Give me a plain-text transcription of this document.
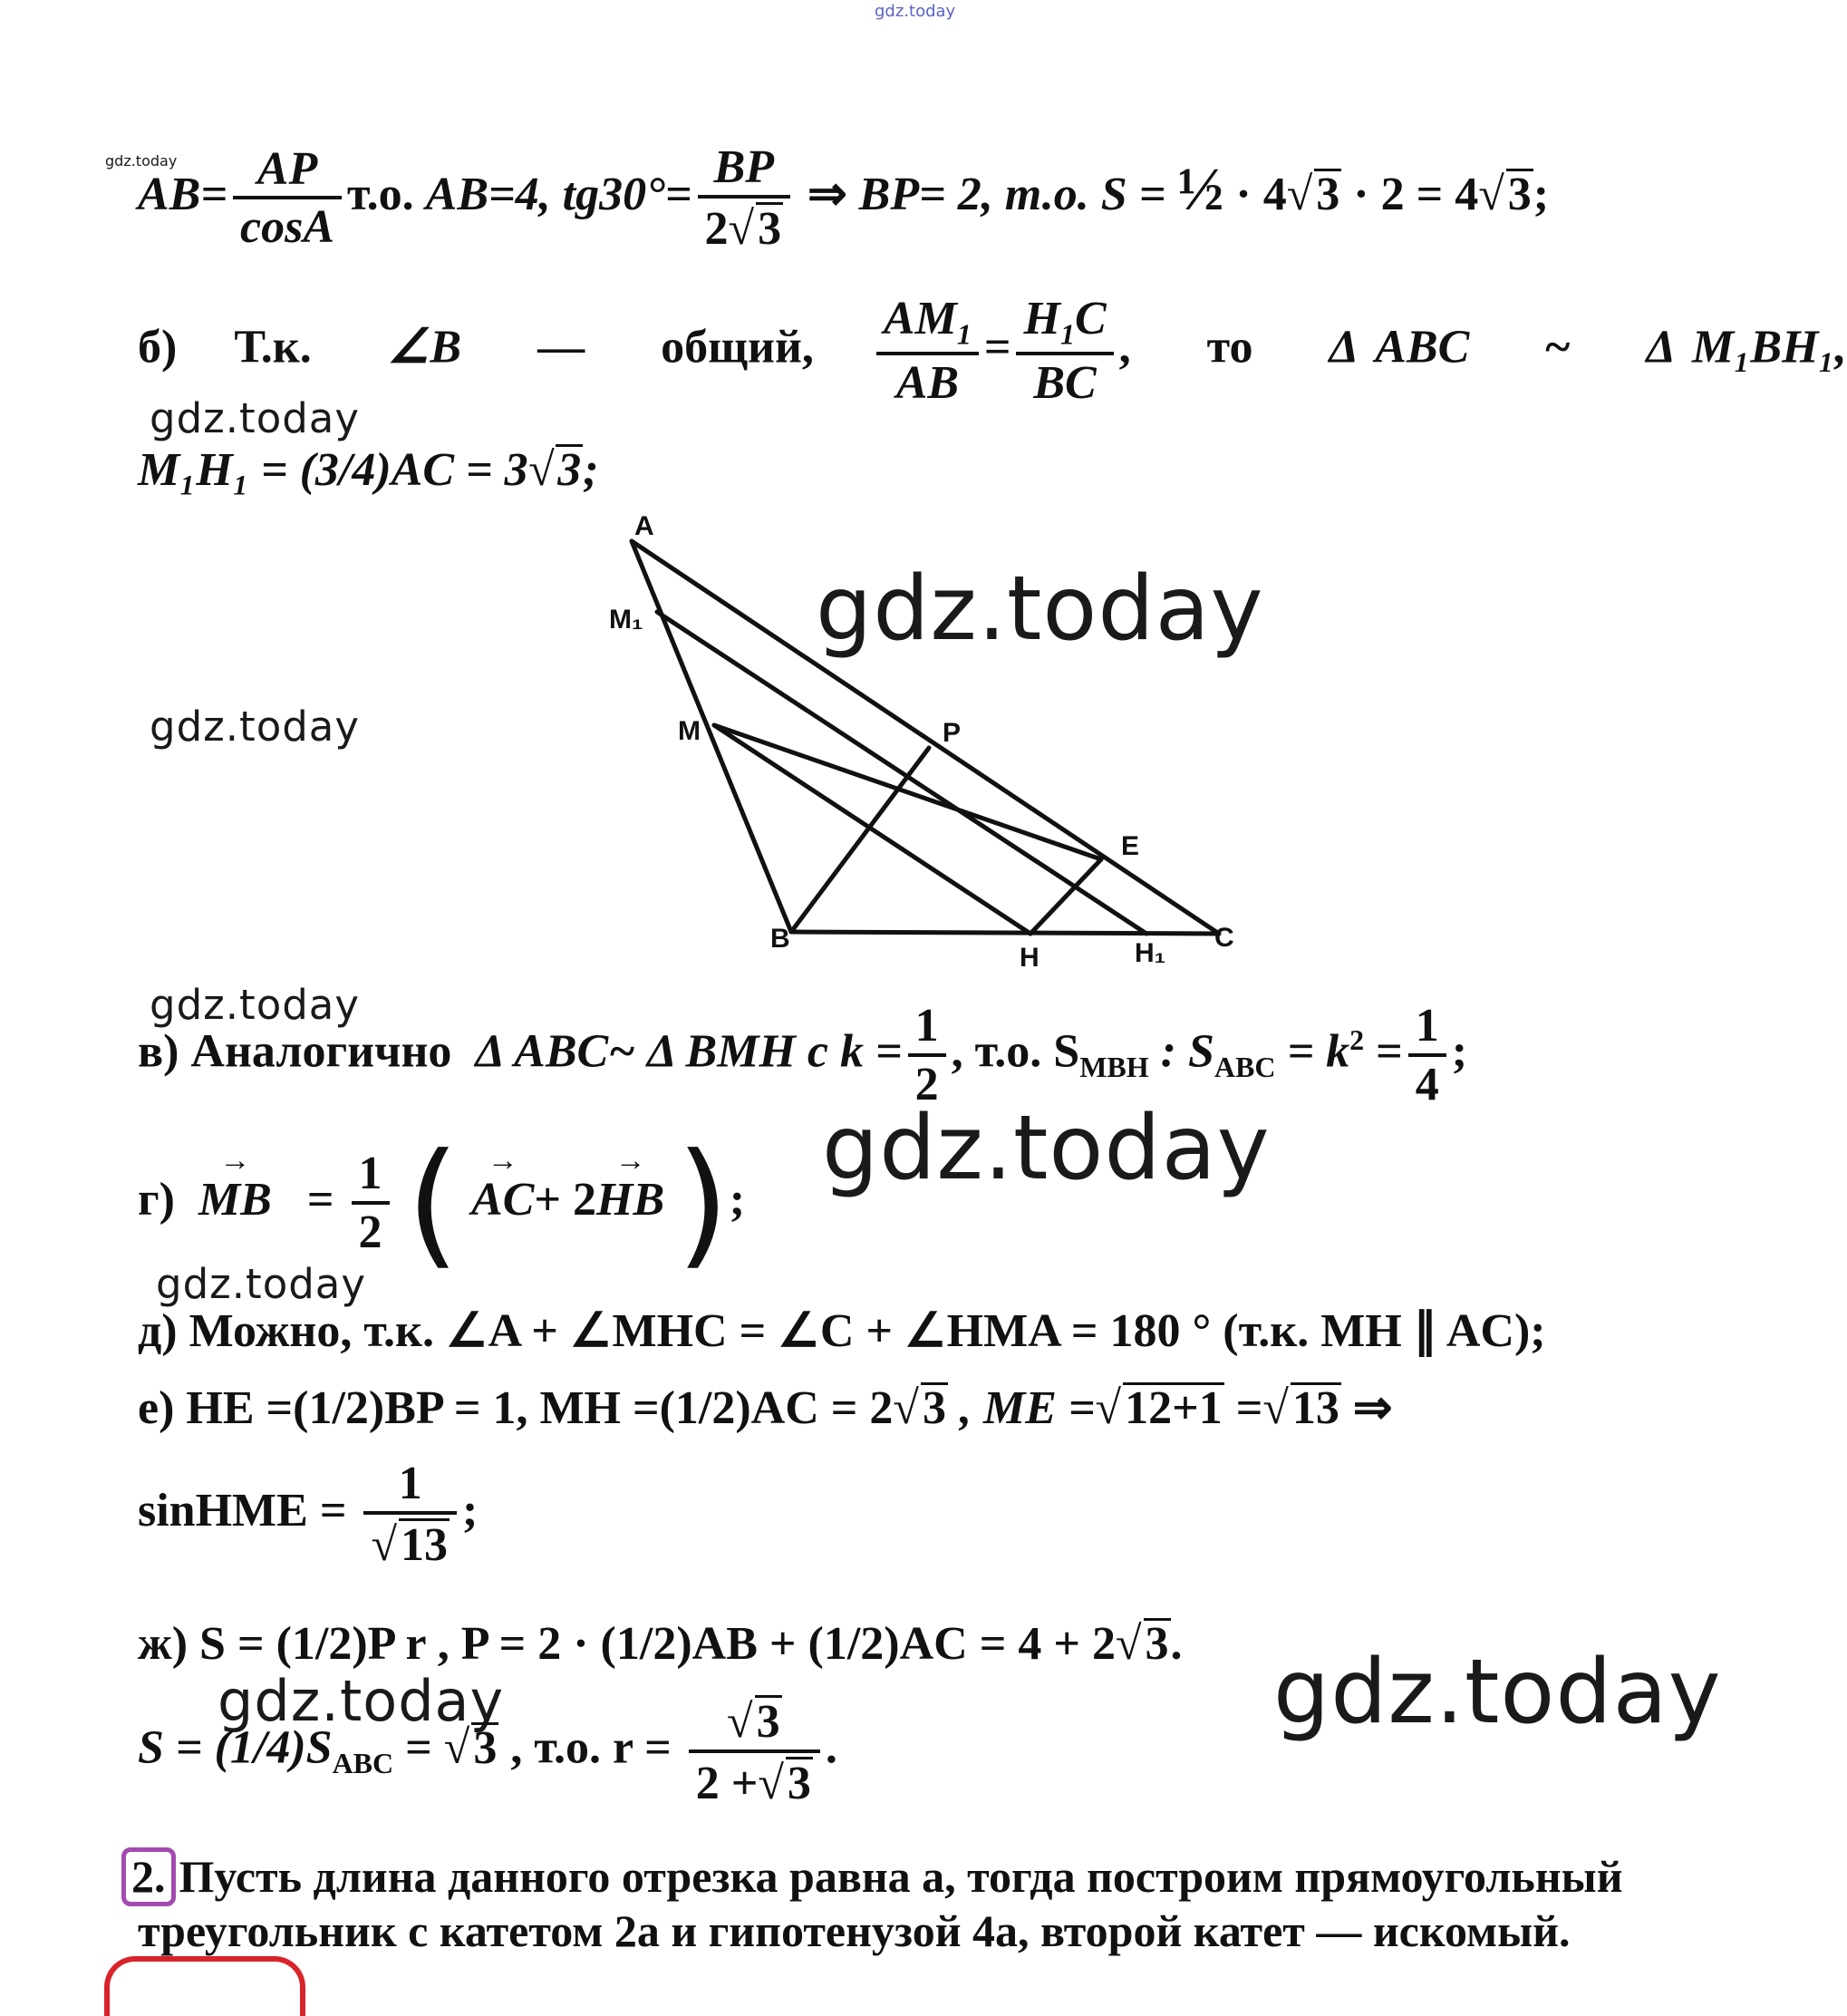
gdz.today
gdz.today
gdz.today
gdz.today
gdz.today
gdz.today
gdz.today
gdz.today
gdz.today	gdz.today
$AB= \frac{AP}{\cos A} т.о$. AB=4, $tg30^\circ= \frac{BP}{2√3}$ ⇒ BP= 2, т.о. S = ½ · 4√3 · 2 = 4√3;
б) Т.к. ∠B — общий, $\frac{AM_1}{AB} = \frac{H_1C}{BC}$ , то Δ ABC ~ Δ M₁BH₁,
M₁H₁ = (3/4)AC = 3√3;
A
M₁
M	P
E
B
H	H₁
C
в) Аналогично Δ ABC~ Δ BMH с $k = \frac{1}{2}$ , т.о. $S_{MBH}$ : $S_{ABC} = k^2 = \frac{1}{4}$ ;
г) → MB = $\frac{1}{2}$ ( → AC+ 2→ HB );
д) Можно, т.к. ∠A + ∠MHC = ∠C + ∠HMA = 180 ° (т.к. MH ∥ AC);
е) HE =(1/2)BP = 1, MH =(1/2)AC = 2√3 , ME =√12+1 =√13 ⇒
sinHME = $\frac{1}{√13}$ ;
ж) S = (1/2)P r , P = 2 · (1/2)AB + (1/2)AC = 4 + 2√3.
$S = (1/4)S_{ABC} = √3$ , т.о. $r = \frac{√3}{2 +√3}$ .
2. Пусть длина данного отрезка равна a, тогда построим прямоугольный
треугольник с катетом 2a и гипотенузой 4a, второй катет — искомый.
